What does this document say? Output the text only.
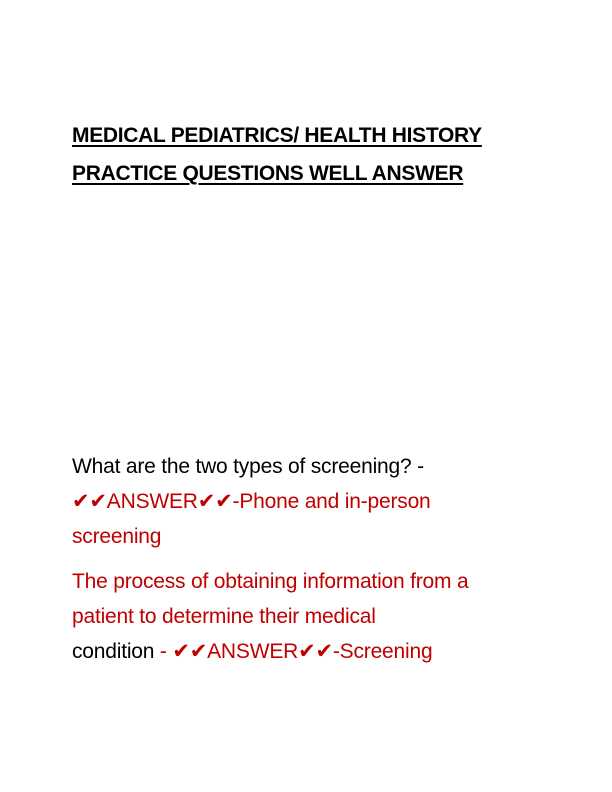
MEDICAL PEDIATRICS/ HEALTH HISTORY
PRACTICE QUESTIONS WELL ANSWER

What are the two types of screening? -
✔✔ANSWER✔✔-Phone and in-person
screening

The process of obtaining information from a
patient to determine their medical
condition - ✔✔ANSWER✔✔-Screening
